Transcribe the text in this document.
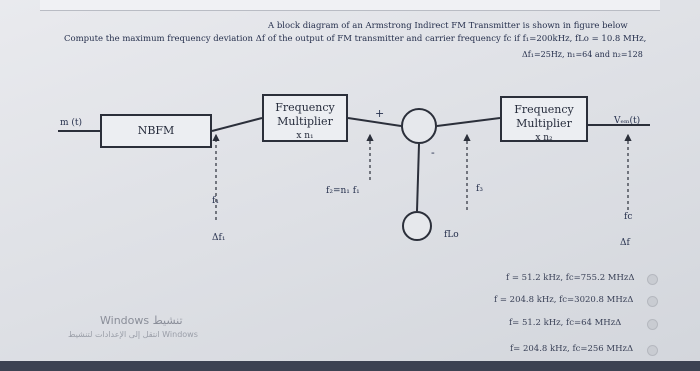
A block diagram of an Armstrong Indirect FM Transmitter is shown in figure below
Compute the maximum frequency deviation Δf of the output of FM transmitter and carrier frequency fc if f₁=200kHz, fLo = 10.8 MHz,
Δf₁=25Hz, n₁=64 and n₂=128
m (t)
NBFM
Frequency
Multiplier
x n₁
Frequency
Multiplier
x n₂
+
-
Vₑₘ(t)
f₁
Δf₁
f₂=n₁ f₁	f₃
fLo
fc
Δf
f = 51.2 kHz, fc=755.2 MHzΔ
f = 204.8 kHz, fc=3020.8 MHzΔ
f= 51.2 kHz, fc=64 MHzΔ
f= 204.8 kHz, fc=256 MHzΔ
Windows تنشيط
انتقل إلى الإعدادات لتنشيط Windows
